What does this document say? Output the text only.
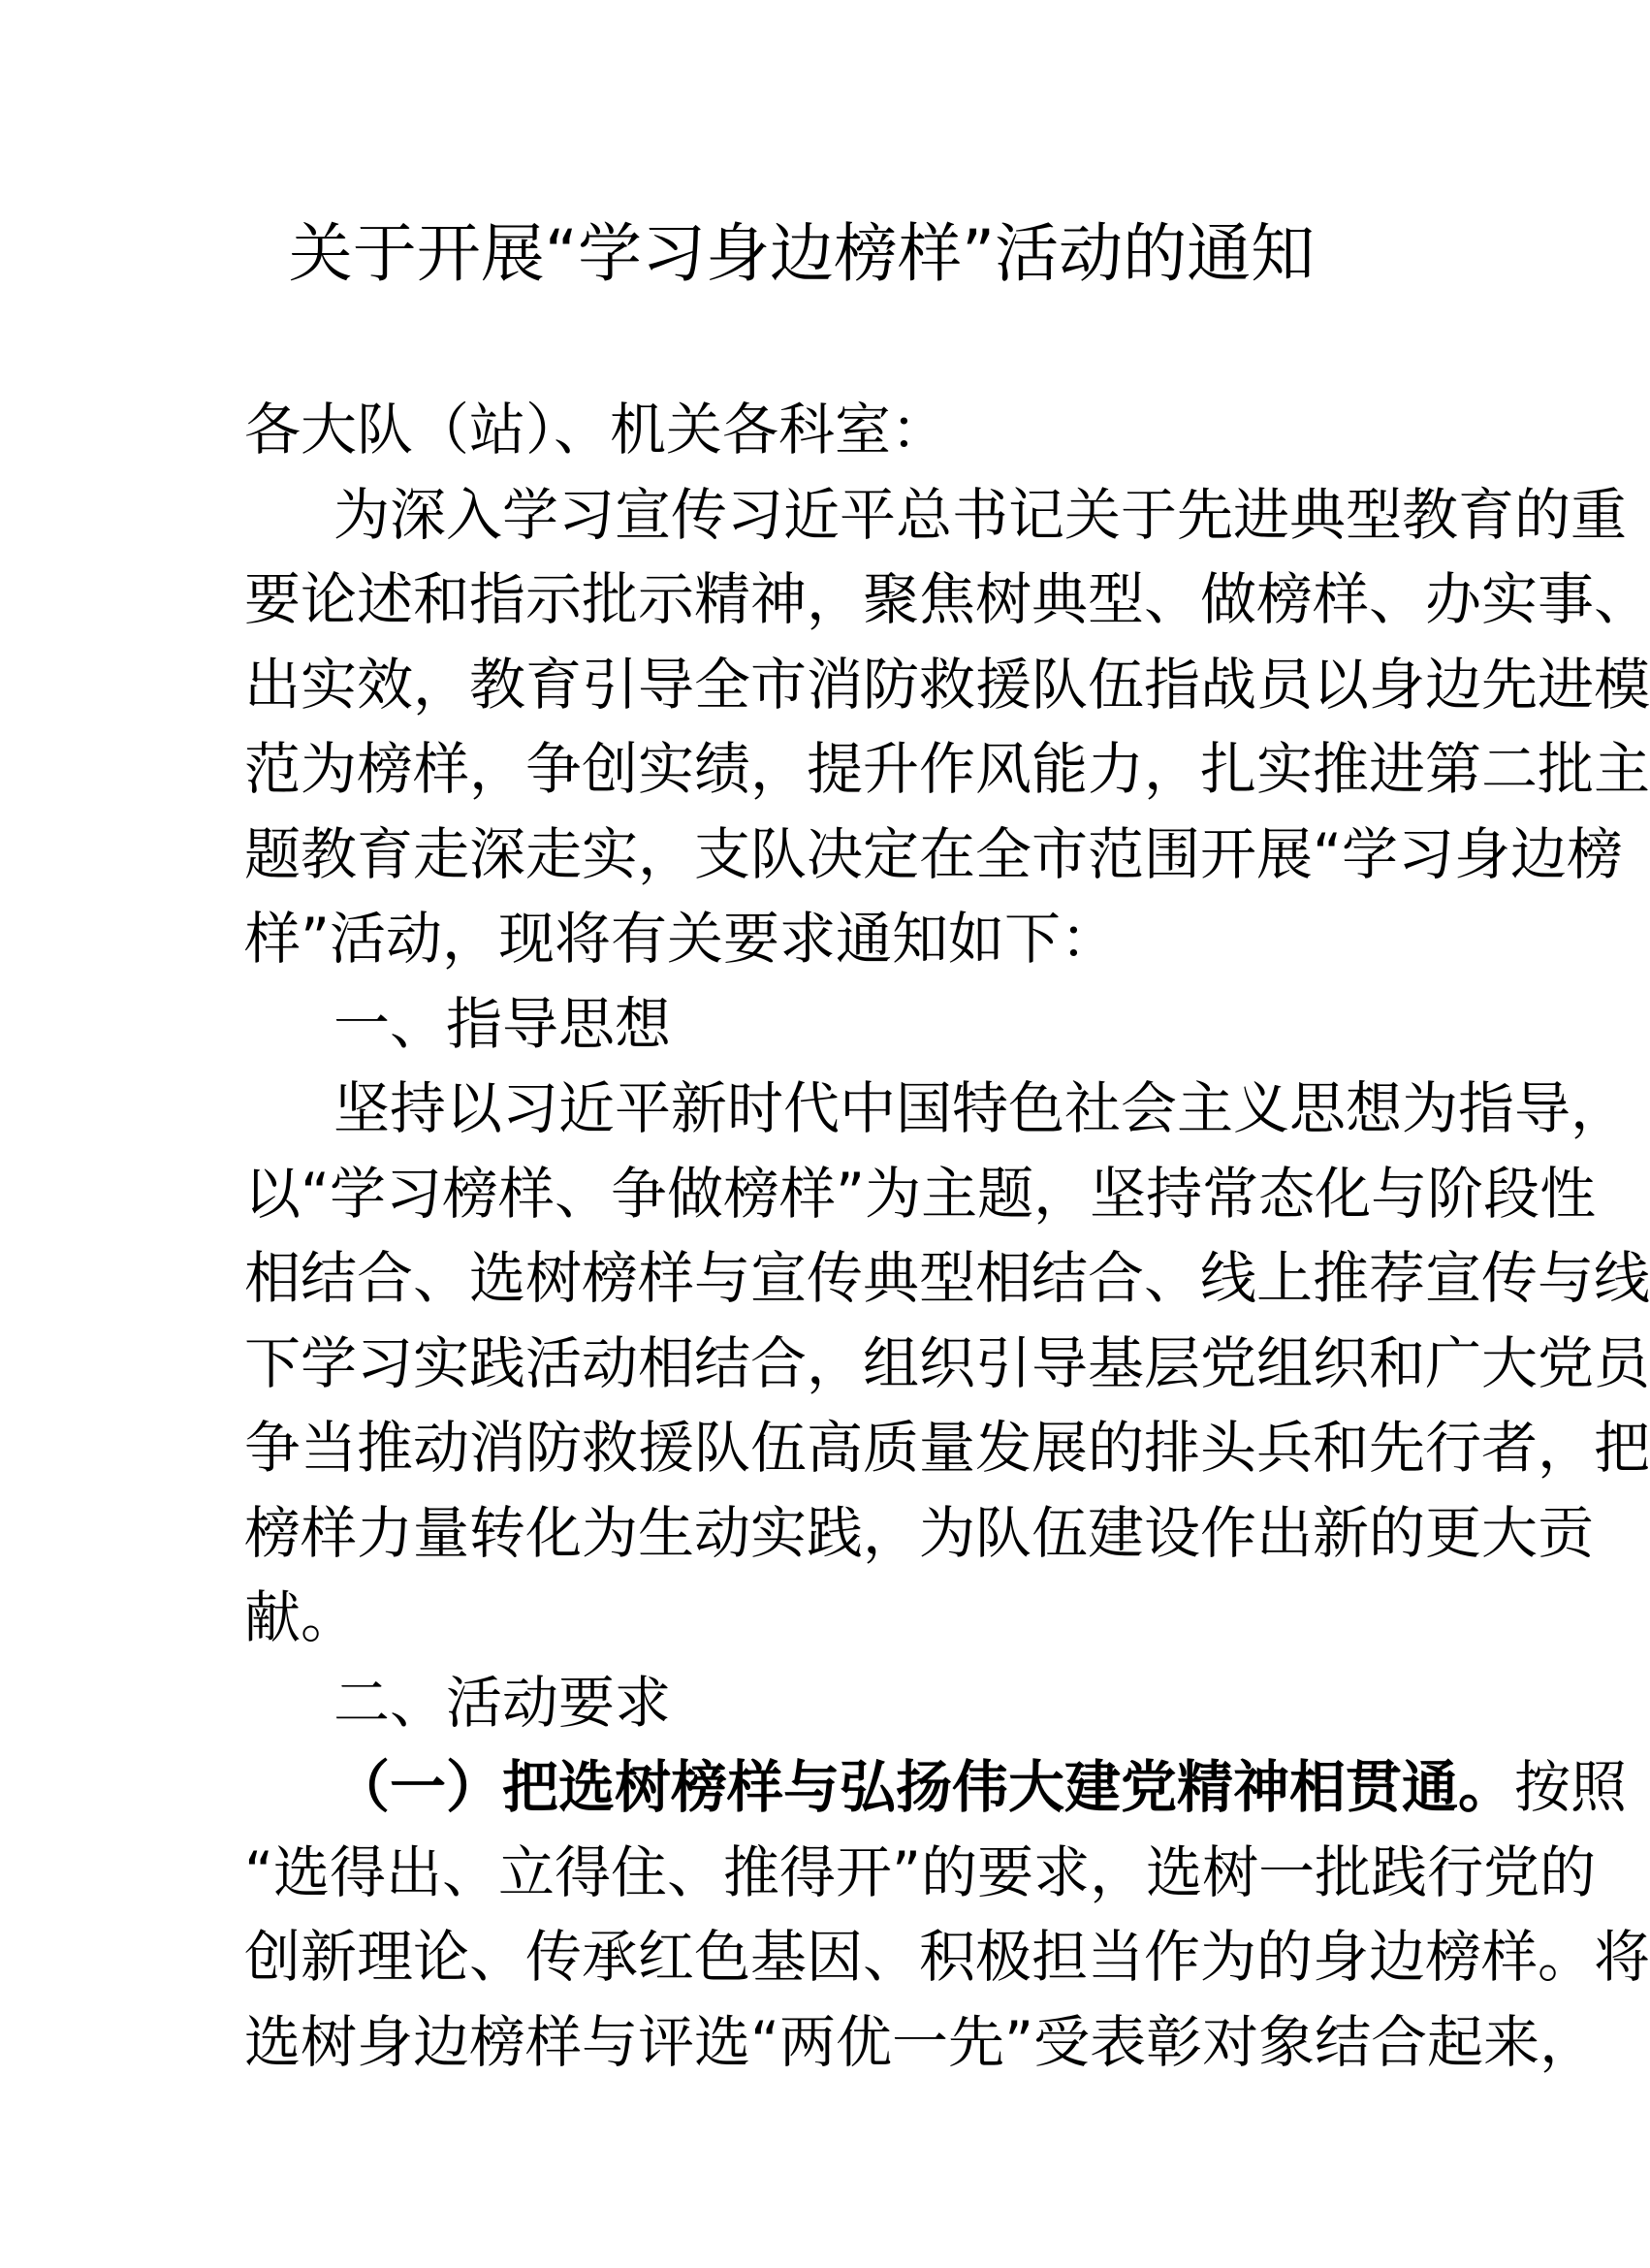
关于开展“学习身边榜样”活动的通知
各大队（站）、机关各科室：
为深入学习宣传习近平总书记关于先进典型教育的重
要论述和指示批示精神，聚焦树典型、做榜样、办实事、
出实效，教育引导全市消防救援队伍指战员以身边先进模
范为榜样，争创实绩，提升作风能力，扎实推进第二批主
题教育走深走实，支队决定在全市范围开展“学习身边榜
样”活动，现将有关要求通知如下：
一、指导思想
坚持以习近平新时代中国特色社会主义思想为指导，
以“学习榜样、争做榜样”为主题，坚持常态化与阶段性
相结合、选树榜样与宣传典型相结合、线上推荐宣传与线
下学习实践活动相结合，组织引导基层党组织和广大党员
争当推动消防救援队伍高质量发展的排头兵和先行者，把
榜样力量转化为生动实践，为队伍建设作出新的更大贡
献。
二、活动要求
（一）把选树榜样与弘扬伟大建党精神相贯通。按照
“选得出、立得住、推得开”的要求，选树一批践行党的
创新理论、传承红色基因、积极担当作为的身边榜样。将
选树身边榜样与评选“两优一先”受表彰对象结合起来，
